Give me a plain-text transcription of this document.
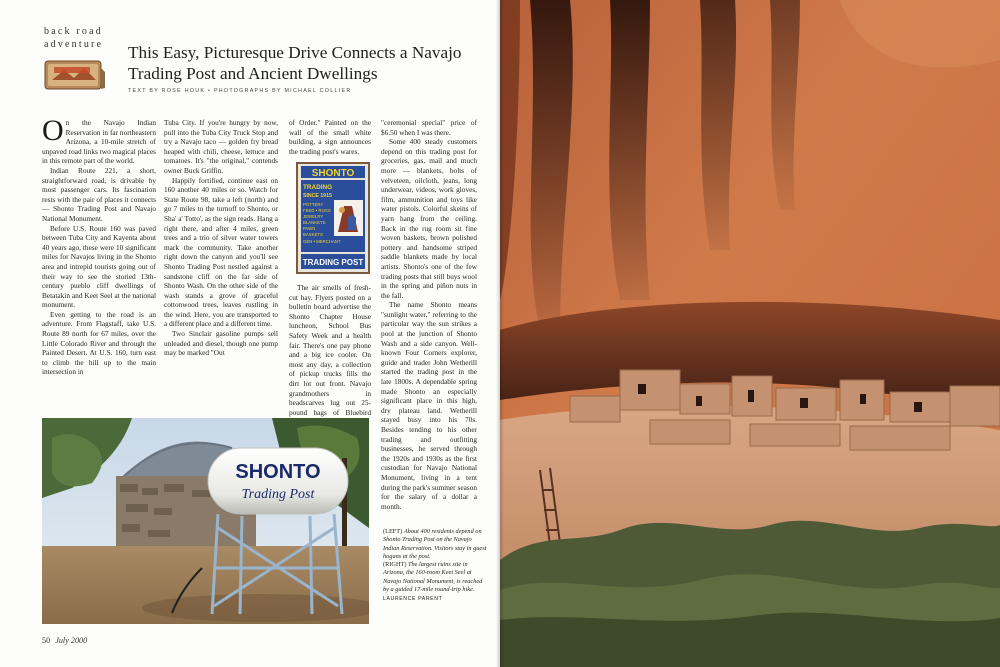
back road
adventure This Easy, Picturesque Drive Connects a Navajo Trading Post and Ancient Dwellings
TEXT BY ROSE HOUK • PHOTOGRAPHS BY MICHAEL COLLIER

On the Navajo Indian Reservation in far northeastern Arizona, a 10-mile stretch of unpaved road links two magical places in this remote part of the world.

Indian Route 221, a short, straightforward road, is drivable by most passenger cars. Its fascination rests with the pair of places it connects — Shonto Trading Post and Navajo National Monument.

Before U.S. Route 160 was paved between Tuba City and Kayenta about 40 years ago, these were 10 significant miles for Navajos living in the Shonto area and intrepid tourists going out of their way to see the storied 13th-century pueblo cliff dwellings of Betatakin and Keet Seel at the national monument.

Even getting to the road is an adventure. From Flagstaff, take U.S. Route 89 north for 67 miles, over the Little Colorado River and through the Painted Desert. At U.S. 160, turn east to climb the hill up to the main intersection in

Tuba City. If you're hungry by now, pull into the Tuba City Truck Stop and try a Navajo taco — golden fry bread heaped with chili, cheese, lettuce and tomatoes. It's "the original," contends owner Buck Griffin.

Happily fortified, continue east on 160 another 40 miles or so. Watch for State Route 98, take a left (north) and go 7 miles to the turnoff to Shonto, or Sha' a' Totto', as the sign reads. Hang a right there, and after 4 miles, green trees and a trio of silver water towers mark the community. Take another right down the canyon and you'll see Shonto Trading Post nestled against a sandstone cliff on the far side of Shonto Wash. On the other side of the wash stands a grove of graceful cottonwood trees, leaves rustling in the wind. Here, you are transported to a different place and a different time.

Two Sinclair gasoline pumps sell unleaded and diesel, though one pump may be marked "Out

of Order." Painted on the wall of the small white building, a sign announces the trading post's wares.

SHONTO
TRADING
SINCE 1915
POTTERY
FEED • RUGS
JEWELRY
BLANKETS
PAWN
BASKETS
GEN • MERCHANT
TRADING POST

The air smells of fresh-cut hay. Flyers posted on a bulletin board advertise the Shonto Chapter House luncheon, School Bus Safety Week and a health fair. There's one pay phone and a big ice cooler. On most any day, a collection of pickup trucks fills the dirt lot out front. Navajo grandmothers in headscarves lug out 25-pound bags of Bluebird

"ceremonial special" price of $6.50 when I was there.

Some 400 steady customers depend on this trading post for groceries, gas, mail and much more — blankets, bolts of velveteen, oilcloth, jeans, long underwear, videos, work gloves, film, ammunition and toys like water pistols. Colorful skeins of yarn hang from the ceiling. Back in the rug room sit fine woven baskets, brown polished pottery and handsome striped saddle blankets made by local artists. Shonto's one of the few trading posts that still buys wool in the spring and piñon nuts in the fall.

The name Shonto means "sunlight water," referring to the particular way the sun strikes a pool at the junction of Shonto Wash and a side canyon. Well-known Four Corners explorer, guide and trader John Wetherill started the trading post in the late 1800s. A dependable spring made Shonto an especially significant place in this high, dry plateau land. Wetherill stayed busy into his 70s. Besides tending to his other trading and outfitting businesses, he served through the 1920s and 1930s as the first custodian for Navajo National Monument, living in a tent during the park's summer season for the salary of a dollar a month.

SHONTO
Trading Post
(LEFT) About 400 residents depend on Shonto Trading Post on the Navajo Indian Reservation. Visitors stay in guest hogans at the post.
(RIGHT) The largest ruins site in Arizona, the 160-room Keet Seel at Navajo National Monument, is reached by a guided 17-mile round-trip hike.
LAURENCE PARENT
50 July 2000
